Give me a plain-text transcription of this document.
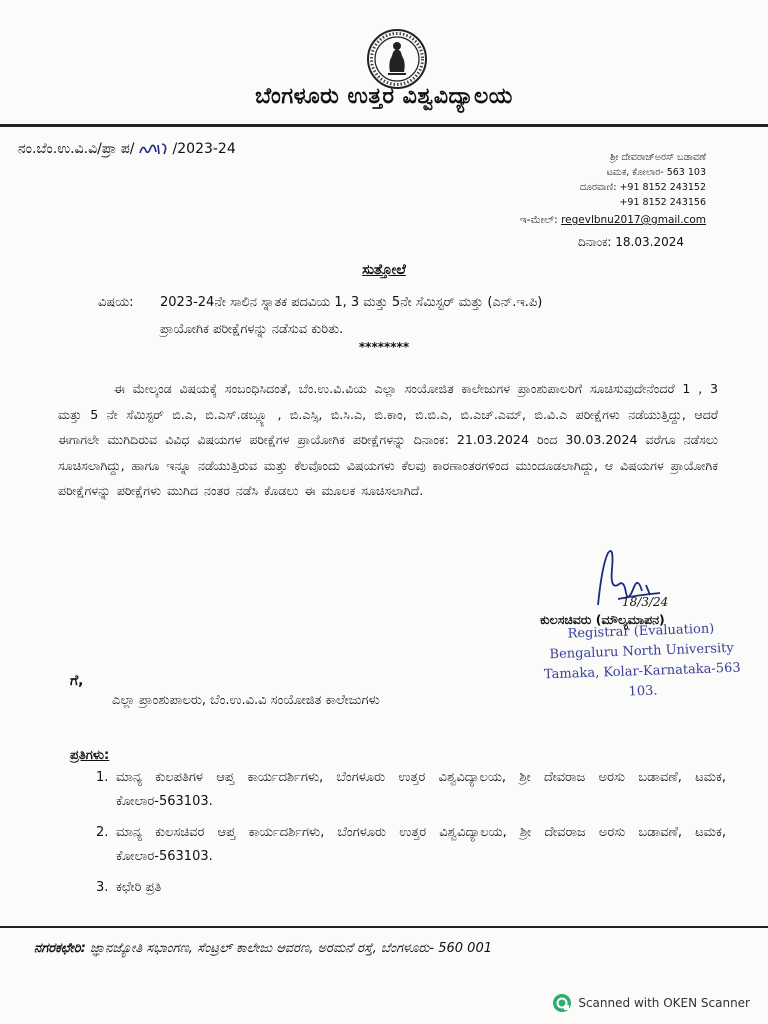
ಬೆಂಗಳೂರು ಉತ್ತರ ವಿಶ್ವವಿದ್ಯಾಲಯ
ನಂ.ಬೆಂ.ಉ.ವಿ.ವಿ/ಪ್ರಾ ಪ/	/2023-24
ಶ್ರೀ ದೇವರಾಜ್‌ಅರಸ್ ಬಡಾವಣೆ
ಟಮಕ, ಕೋಲಾರ- 563 103
ದೂರವಾಣಿ: +91 8152 243152
+91 8152 243156
ಇ-ಮೇಲ್: regevlbnu2017@gmail.com
ದಿನಾಂಕ: 18.03.2024
ಸುತ್ತೋಲೆ
ವಿಷಯ: 2023-24ನೇ ಸಾಲಿನ ಸ್ನಾತಕ ಪದವಿಯ 1, 3 ಮತ್ತು 5ನೇ ಸೆಮಿಸ್ಟರ್ ಮತ್ತು (ಎನ್.ಇ.ಪಿ)
ಪ್ರಾಯೋಗಿಕ ಪರೀಕ್ಷೆಗಳನ್ನು ನಡೆಸುವ ಕುರಿತು.
********
ಈ ಮೇಲ್ಕಂಡ ವಿಷಯಕ್ಕೆ ಸಂಬಂಧಿಸಿದಂತೆ, ಬೆಂ.ಉ.ವಿ.ವಿಯ ಎಲ್ಲಾ ಸಂಯೋಜಿತ ಕಾಲೇಜುಗಳ ಪ್ರಾಂಶುಪಾಲರಿಗೆ ಸೂಚಿಸುವುದೇನೆಂದರೆ 1 , 3 ಮತ್ತು 5 ನೇ ಸೆಮಿಸ್ಟರ್ ಬಿ.ಎ, ಬಿ.ಎಸ್.ಡಬ್ಲ್ಯೂ , ಬಿ.ಎಸ್ಸಿ, ಬಿ.ಸಿ.ಎ, ಬಿ.ಕಾಂ, ಬಿ.ಬಿ.ಎ, ಬಿ.ಎಚ್.ಎಮ್, ಬಿ.ವಿ.ಎ ಪರೀಕ್ಷೆಗಳು ನಡೆಯುತ್ತಿದ್ದು, ಆದರೆ ಈಗಾಗಲೇ ಮುಗಿದಿರುವ ವಿವಿಧ ವಿಷಯಗಳ ಪರೀಕ್ಷೆಗಳ ಪ್ರಾಯೋಗಿಕ ಪರೀಕ್ಷೆಗಳನ್ನು ದಿನಾಂಕ: 21.03.2024 ರಿಂದ 30.03.2024 ವರೆಗೂ ನಡೆಸಲು ಸೂಚಿಸಲಾಗಿದ್ದು, ಹಾಗೂ ಇನ್ನೂ ನಡೆಯುತ್ತಿರುವ ಮತ್ತು ಕೆಲವೊಂದು ವಿಷಯಗಳು ಕೆಲವು ಕಾರಣಾಂತರಗಳಿಂದ ಮುಂದೂಡಲಾಗಿದ್ದು, ಆ ವಿಷಯಗಳ ಪ್ರಾಯೋಗಿಕ ಪರೀಕ್ಷೆಗಳನ್ನು ಪರೀಕ್ಷೆಗಳು ಮುಗಿದ ನಂತರ ನಡೆಸಿ ಕೊಡಲು ಈ ಮೂಲಕ ಸೂಚಿಸಲಾಗಿದೆ.
18/3/24
ಕುಲಸಚಿವರು (ಮೌಲ್ಯಮಾಪನ)
Registrar (Evaluation)
Bengaluru North University
Tamaka, Kolar-Karnataka-563 103.
ಗೆ,
ಎಲ್ಲಾ ಪ್ರಾಂಶುಪಾಲರು, ಬೆಂ.ಉ.ವಿ.ವಿ ಸಂಯೋಜಿತ ಕಾಲೇಜುಗಳು
ಪ್ರತಿಗಳು:
1. ಮಾನ್ಯ ಕುಲಪತಿಗಳ ಆಪ್ತ ಕಾರ್ಯದರ್ಶಿಗಳು, ಬೆಂಗಳೂರು ಉತ್ತರ ವಿಶ್ವವಿದ್ಯಾಲಯ, ಶ್ರೀ ದೇವರಾಜ ಅರಸು ಬಡಾವಣೆ, ಟಮಕ, ಕೋಲಾರ-563103.
2. ಮಾನ್ಯ ಕುಲಸಚಿವರ ಆಪ್ತ ಕಾರ್ಯದರ್ಶಿಗಳು, ಬೆಂಗಳೂರು ಉತ್ತರ ವಿಶ್ವವಿದ್ಯಾಲಯ, ಶ್ರೀ ದೇವರಾಜ ಅರಸು ಬಡಾವಣೆ, ಟಮಕ, ಕೋಲಾರ-563103.
3. ಕಛೇರಿ ಪ್ರತಿ
ನಗರಕಛೇರಿ: ಜ್ಞಾನಜ್ಯೋತಿ ಸಭಾಂಗಣ, ಸೆಂಟ್ರಲ್ ಕಾಲೇಜು ಆವರಣ, ಅರಮನೆ ರಸ್ತೆ, ಬೆಂಗಳೂರು- 560 001
Scanned with OKEN Scanner
